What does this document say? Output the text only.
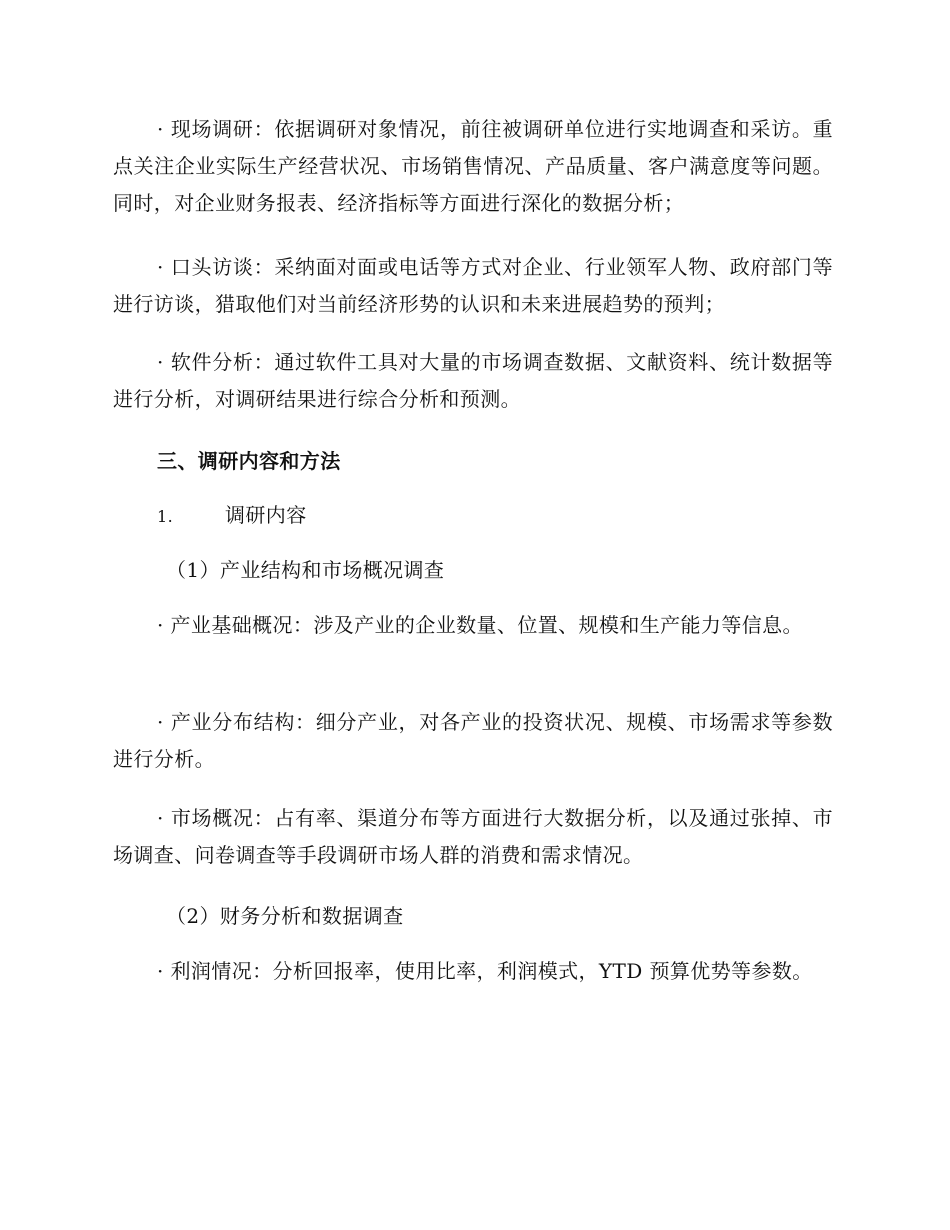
· 现场调研：依据调研对象情况，前往被调研单位进行实地调查和采访。重点关注企业实际生产经营状况、市场销售情况、产品质量、客户满意度等问题。同时，对企业财务报表、经济指标等方面进行深化的数据分析；

· 口头访谈：采纳面对面或电话等方式对企业、行业领军人物、政府部门等进行访谈，猎取他们对当前经济形势的认识和未来进展趋势的预判；

· 软件分析：通过软件工具对大量的市场调查数据、文献资料、统计数据等进行分析，对调研结果进行综合分析和预测。

三、调研内容和方法

1.	调研内容

（1）产业结构和市场概况调查

· 产业基础概况：涉及产业的企业数量、位置、规模和生产能力等信息。

· 产业分布结构：细分产业，对各产业的投资状况、规模、市场需求等参数进行分析。

· 市场概况：占有率、渠道分布等方面进行大数据分析，以及通过张掉、市场调查、问卷调查等手段调研市场人群的消费和需求情况。

（2）财务分析和数据调查

· 利润情况：分析回报率，使用比率，利润模式，YTD 预算优势等参数。
